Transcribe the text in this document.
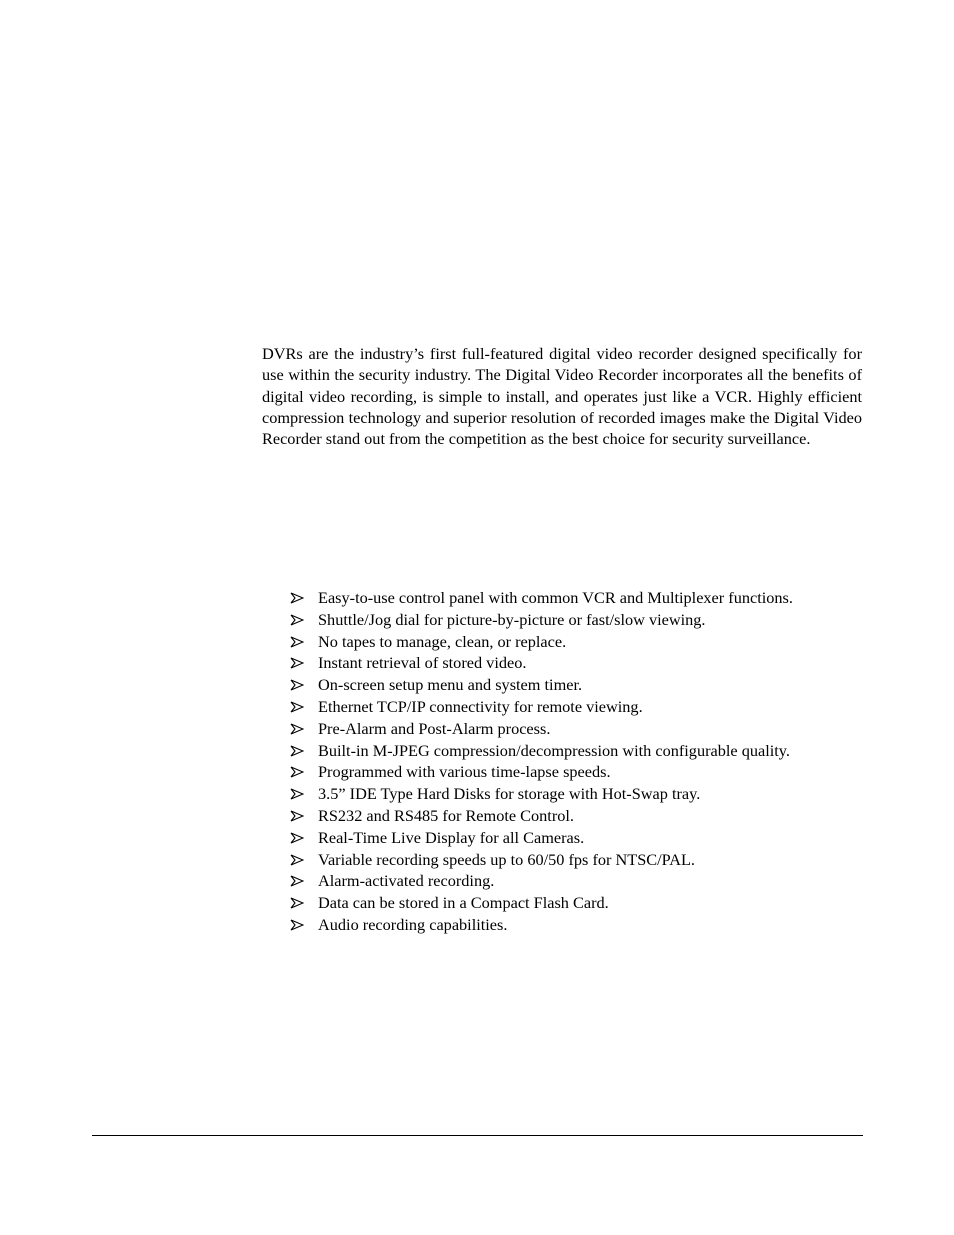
DVRs are the industry’s first full-featured digital video recorder designed specifically for use within the security industry. The Digital Video Recorder incorporates all the benefits of digital video recording, is simple to install, and operates just like a VCR. Highly efficient compression technology and superior resolution of recorded images make the Digital Video Recorder stand out from the competition as the best choice for security surveillance.

Easy-to-use control panel with common VCR and Multiplexer functions.
Shuttle/Jog dial for picture-by-picture or fast/slow viewing.
No tapes to manage, clean, or replace.
Instant retrieval of stored video.
On-screen setup menu and system timer.
Ethernet TCP/IP connectivity for remote viewing.
Pre-Alarm and Post-Alarm process.
Built-in M-JPEG compression/decompression with configurable quality.
Programmed with various time-lapse speeds.
3.5” IDE Type Hard Disks for storage with Hot-Swap tray.
RS232 and RS485 for Remote Control.
Real-Time Live Display for all Cameras.
Variable recording speeds up to 60/50 fps for NTSC/PAL.
Alarm-activated recording.
Data can be stored in a Compact Flash Card.
Audio recording capabilities.
